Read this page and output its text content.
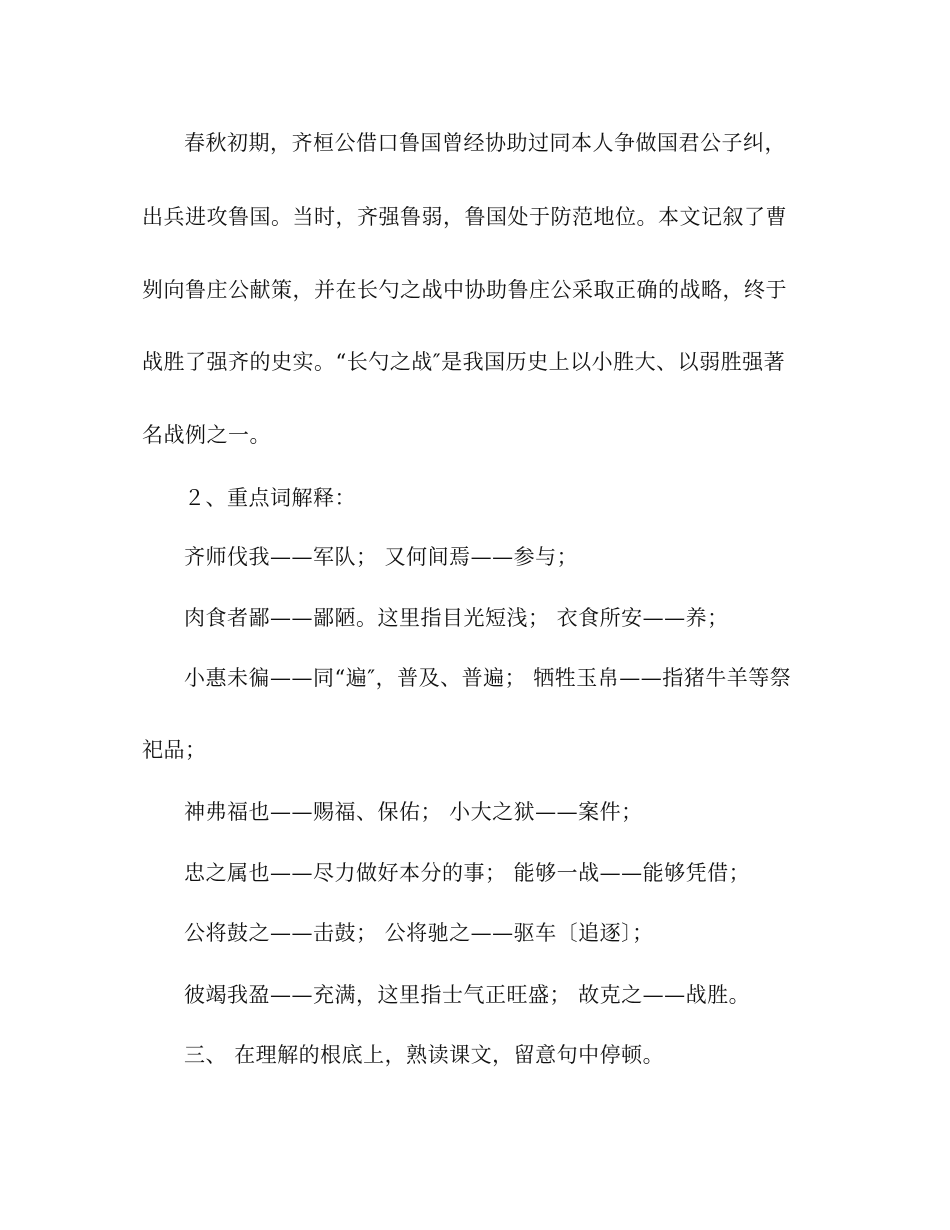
春秋初期，齐桓公借口鲁国曾经协助过同本人争做国君公子纠，
出兵进攻鲁国。当时，齐强鲁弱，鲁国处于防范地位。本文记叙了曹
刿向鲁庄公献策，并在长勺之战中协助鲁庄公采取正确的战略，终于
战胜了强齐的史实。“长勺之战″是我国历史上以小胜大、以弱胜强著
名战例之一。
２、重点词解释：
齐师伐我——军队； 又何间焉——参与；
肉食者鄙——鄙陋。这里指目光短浅； 衣食所安——养；
小惠未徧——同“遍″，普及、普遍； 牺牲玉帛——指猪牛羊等祭
祀品；
神弗福也——赐福、保佑； 小大之狱——案件；
忠之属也——尽力做好本分的事； 能够一战——能够凭借；
公将鼓之——击鼓； 公将驰之——驱车〔追逐〕；
彼竭我盈——充满，这里指士气正旺盛； 故克之——战胜。
三、 在理解的根底上，熟读课文，留意句中停顿。
